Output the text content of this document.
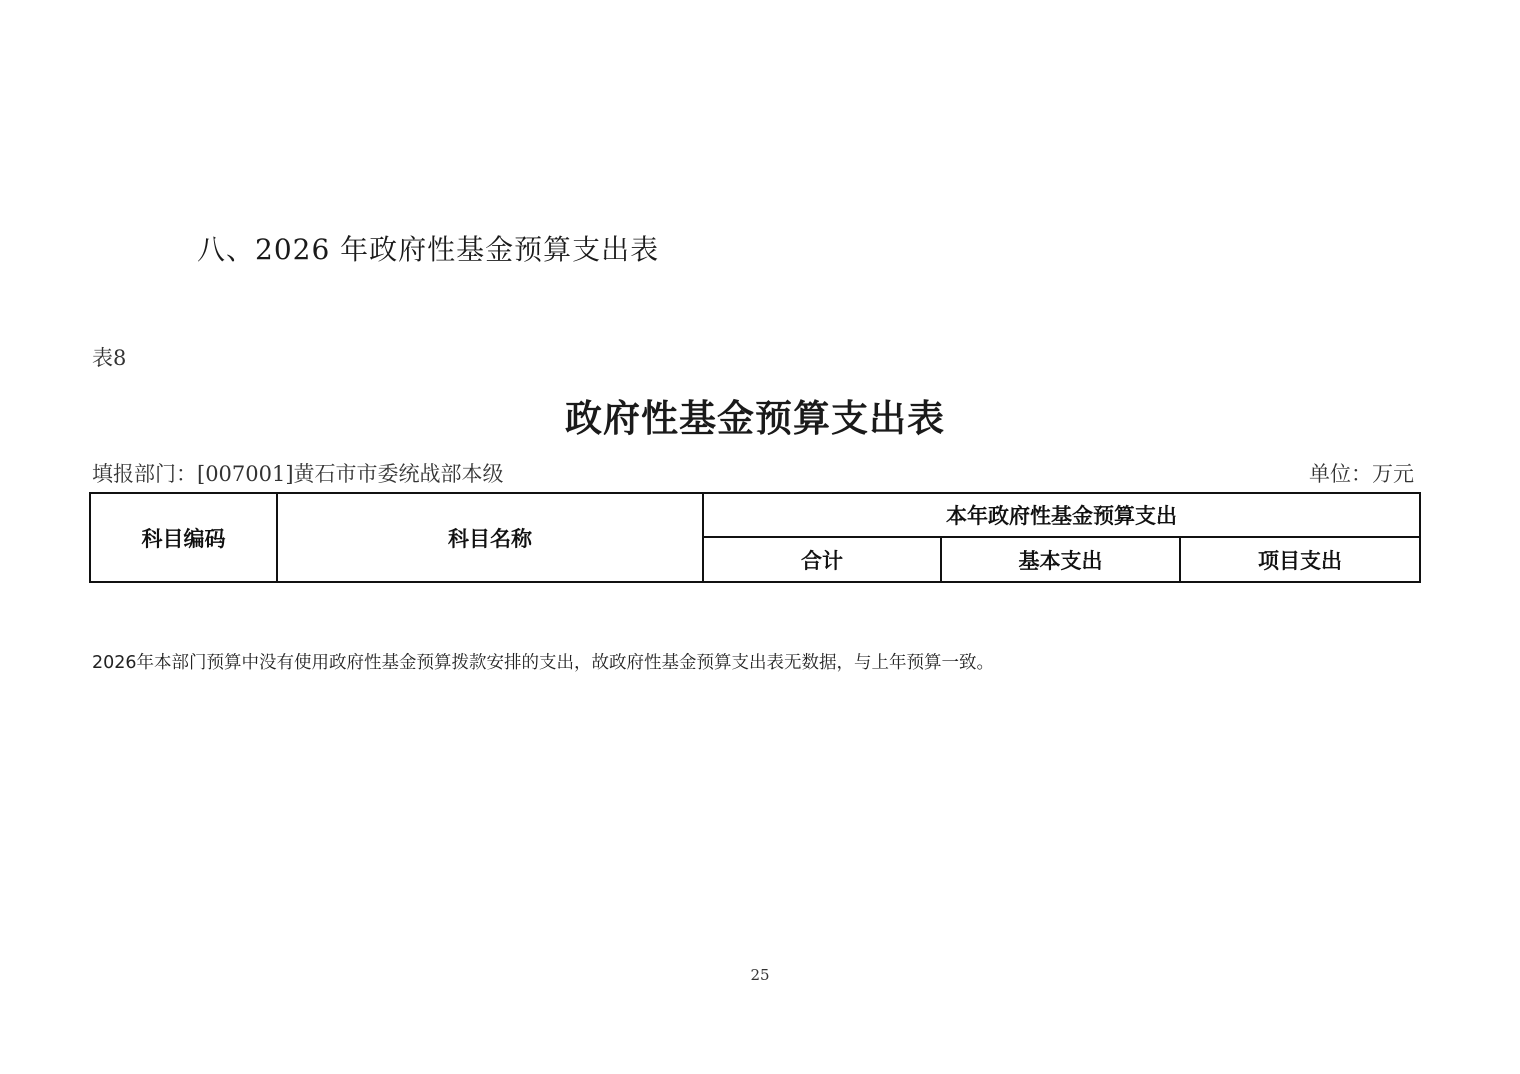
八、2026 年政府性基金预算支出表
表8
政府性基金预算支出表
填报部门：[007001]黄石市市委统战部本级	单位：万元
科目编码	科目名称	本年政府性基金预算支出		
		合计	基本支出	项目支出
2026年本部门预算中没有使用政府性基金预算拨款安排的支出，故政府性基金预算支出表无数据，与上年预算一致。
25
